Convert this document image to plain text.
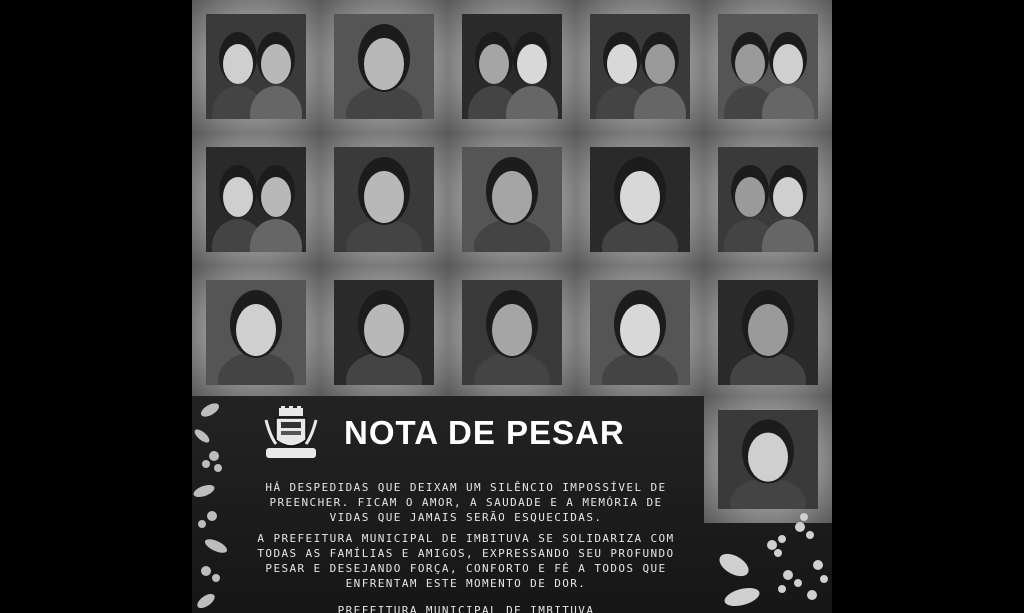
NOTA DE PESAR
HÁ DESPEDIDAS QUE DEIXAM UM SILÊNCIO IMPOSSÍVEL DE PREENCHER. FICAM O AMOR, A SAUDADE E A MEMÓRIA DE VIDAS QUE JAMAIS SERÃO ESQUECIDAS.
A PREFEITURA MUNICIPAL DE IMBITUVA SE SOLIDARIZA COM TODAS AS FAMÍLIAS E AMIGOS, EXPRESSANDO SEU PROFUNDO PESAR E DESEJANDO FORÇA, CONFORTO E FÉ A TODOS QUE ENFRENTAM ESTE MOMENTO DE DOR.
PREFEITURA MUNICIPAL DE IMBITUVA
